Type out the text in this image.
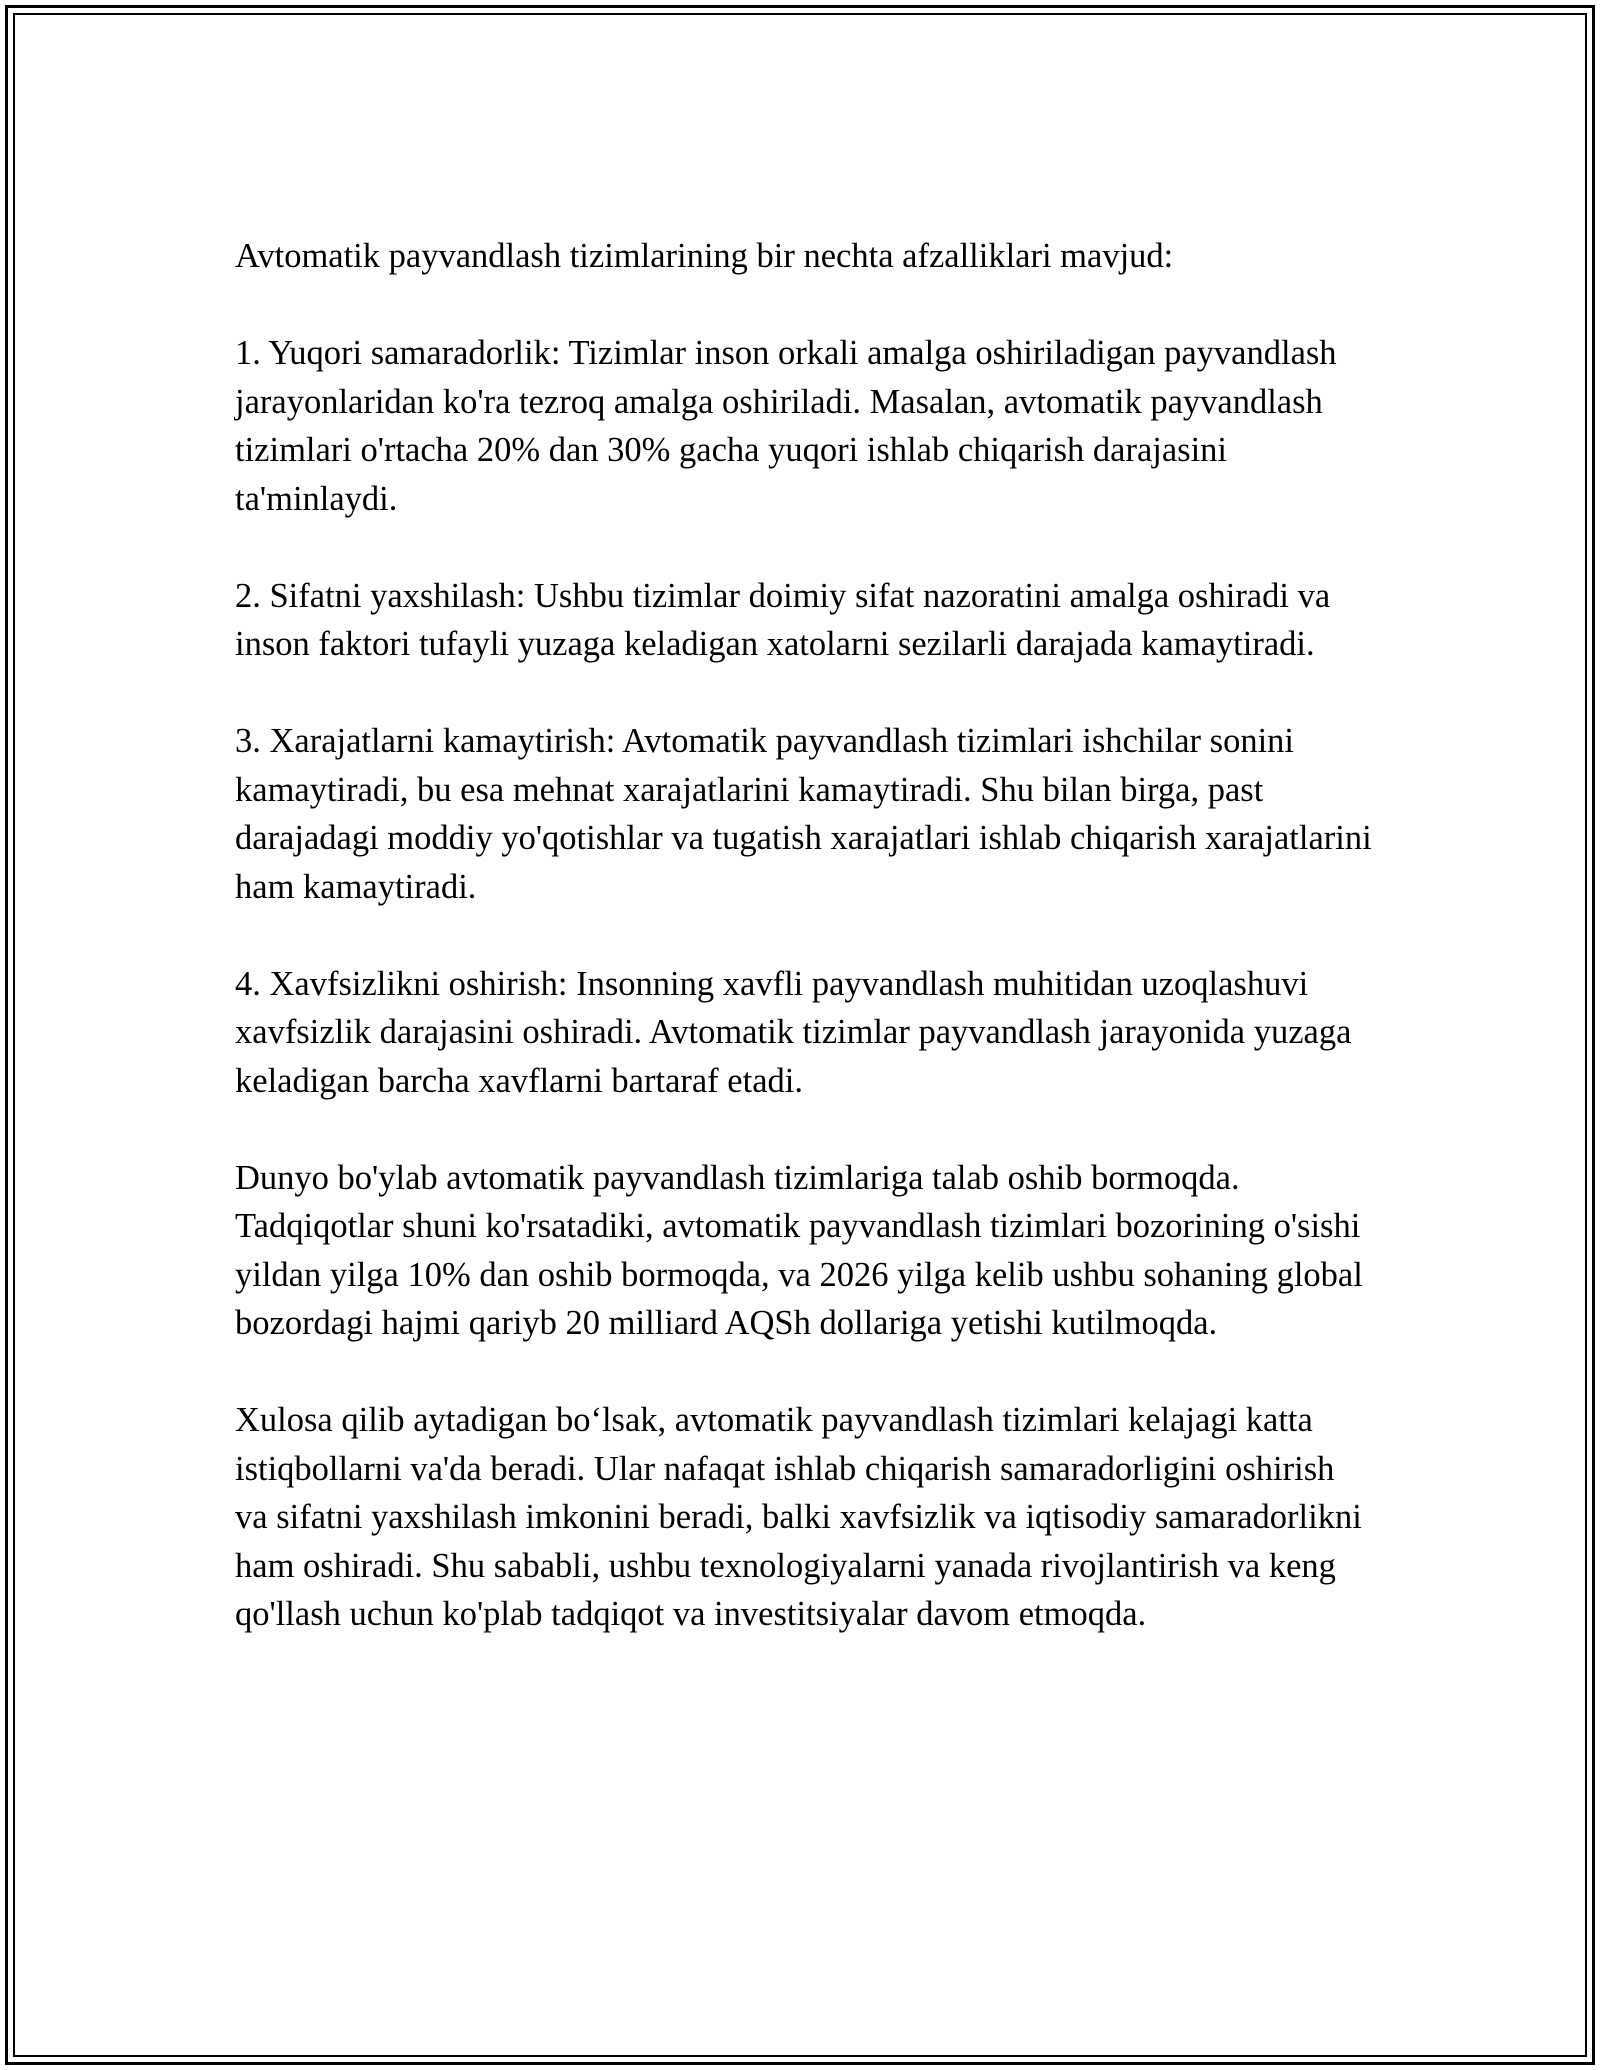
Avtomatik payvandlash tizimlarining bir nechta afzalliklari mavjud:

1. Yuqori samaradorlik: Tizimlar inson orkali amalga oshiriladigan payvandlash jarayonlaridan ko'ra tezroq amalga oshiriladi. Masalan, avtomatik payvandlash tizimlari o'rtacha 20% dan 30% gacha yuqori ishlab chiqarish darajasini ta'minlaydi.

2. Sifatni yaxshilash: Ushbu tizimlar doimiy sifat nazoratini amalga oshiradi va inson faktori tufayli yuzaga keladigan xatolarni sezilarli darajada kamaytiradi.

3. Xarajatlarni kamaytirish: Avtomatik payvandlash tizimlari ishchilar sonini kamaytiradi, bu esa mehnat xarajatlarini kamaytiradi. Shu bilan birga, past darajadagi moddiy yo'qotishlar va tugatish xarajatlari ishlab chiqarish xarajatlarini ham kamaytiradi.

4. Xavfsizlikni oshirish: Insonning xavfli payvandlash muhitidan uzoqlashuvi xavfsizlik darajasini oshiradi. Avtomatik tizimlar payvandlash jarayonida yuzaga keladigan barcha xavflarni bartaraf etadi.

Dunyo bo'ylab avtomatik payvandlash tizimlariga talab oshib bormoqda. Tadqiqotlar shuni ko'rsatadiki, avtomatik payvandlash tizimlari bozorining o'sishi yildan yilga 10% dan oshib bormoqda, va 2026 yilga kelib ushbu sohaning global bozordagi hajmi qariyb 20 milliard AQSh dollariga yetishi kutilmoqda.

Xulosa qilib aytadigan bo‘lsak, avtomatik payvandlash tizimlari kelajagi katta istiqbollarni va'da beradi. Ular nafaqat ishlab chiqarish samaradorligini oshirish va sifatni yaxshilash imkonini beradi, balki xavfsizlik va iqtisodiy samaradorlikni ham oshiradi. Shu sababli, ushbu texnologiyalarni yanada rivojlantirish va keng qo'llash uchun ko'plab tadqiqot va investitsiyalar davom etmoqda.
